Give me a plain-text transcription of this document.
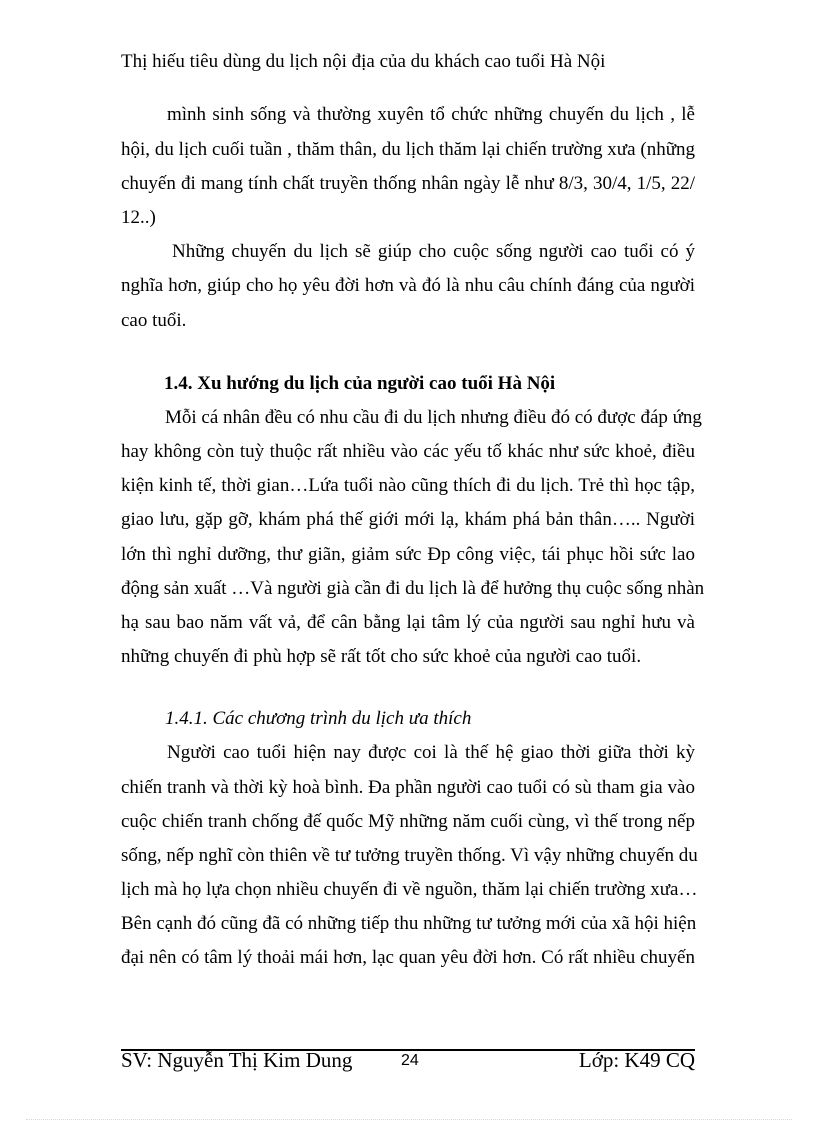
Thị hiếu tiêu dùng du lịch nội địa của du khách cao tuổi Hà Nội
mình sinh sống và thường xuyên tổ chức những chuyến du lịch , lễ
hội, du lịch cuối tuần , thăm thân, du lịch thăm lại chiến trường xưa (những
chuyến đi mang tính chất truyền thống nhân ngày lễ như 8/3, 30/4, 1/5, 22/
12..)
Những chuyến du lịch sẽ giúp cho cuộc sống người cao tuổi có ý
nghĩa hơn, giúp cho họ yêu đời hơn và đó là nhu câu chính đáng của người
cao tuổi.
1.4. Xu hướng du lịch của người cao tuổi Hà Nội
Mỗi cá nhân đều có nhu cầu đi du lịch nhưng điều đó có được đáp ứng
hay không còn tuỳ thuộc rất nhiều vào các yếu tố khác như sức khoẻ, điều
kiện kinh tế, thời gian…Lứa tuổi nào cũng thích đi du lịch. Trẻ thì học tập,
giao lưu, gặp gỡ, khám phá thế giới mới lạ, khám phá bản thân….. Người
lớn thì nghỉ dưỡng, thư giãn, giảm sức Đp công việc, tái phục hồi sức lao
động sản xuất …Và người già cần đi du lịch là để hưởng thụ cuộc sống nhàn
hạ sau bao năm vất vả, để cân bằng lại tâm lý của người sau nghỉ hưu và
những chuyến đi phù hợp sẽ rất tốt cho sức khoẻ của người cao tuổi.
1.4.1. Các chương trình du lịch ưa thích
Người cao tuổi hiện nay được coi là thế hệ giao thời giữa thời kỳ
chiến tranh và thời kỳ hoà bình. Đa phần người cao tuổi có sù tham gia vào
cuộc chiến tranh chống đế quốc Mỹ những năm cuối cùng, vì thế trong nếp
sống, nếp nghĩ còn thiên về tư tưởng truyền thống. Vì vậy những chuyến du
lịch mà họ lựa chọn nhiều chuyến đi về nguồn, thăm lại chiến trường xưa…
Bên cạnh đó cũng đã có những tiếp thu những tư tưởng mới của xã hội hiện
đại nên có tâm lý thoải mái hơn, lạc quan yêu đời hơn. Có rất nhiều chuyến
SV: Nguyễn Thị Kim Dung	24	Lớp: K49 CQ
